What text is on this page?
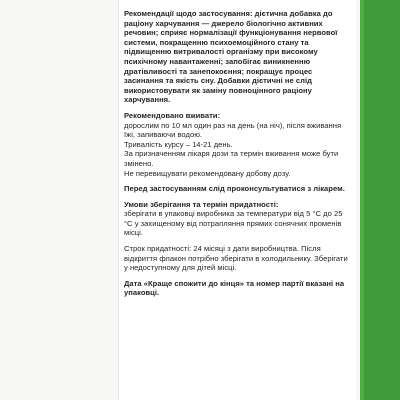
Рекомендації щодо застосування: дієтична добавка до раціону харчування — джерело біологічно активних речовин; сприяє нормалізації функціонування нервової системи, покращенню психоемоційного стану та підвищенню витривалості організму при високому психічному навантаженні; запобігає виникненню дратівливості та занепокоєння; покращує процес засинання та якість сну. Добавки дієтичні не слід використовувати як заміну повноцінного раціону харчування.

Рекомендовано вживати:
дорослим по 10 мл один раз на день (на ніч), після вживання їжі, запиваючи водою.
Тривалість курсу – 14-21 день.
За призначенням лікаря дози та термін вживання може бути змінено.
Не перевищувати рекомендовану добову дозу.

Перед застосуванням слід проконсультуватися з лікарем.

Умови зберігання та термін придатності:
зберігати в упаковці виробника за температури від 5 °С до 25 °С у захищеному від потрапляння прямих сонячних променів місці.

Строк придатності: 24 місяці з дати виробництва. Після відкриття флакон потрібно зберігати в холодильнику. Зберігати у недоступному для дітей місці.

Дата «Краще спожити до кінця» та номер партії вказані на упаковці.
